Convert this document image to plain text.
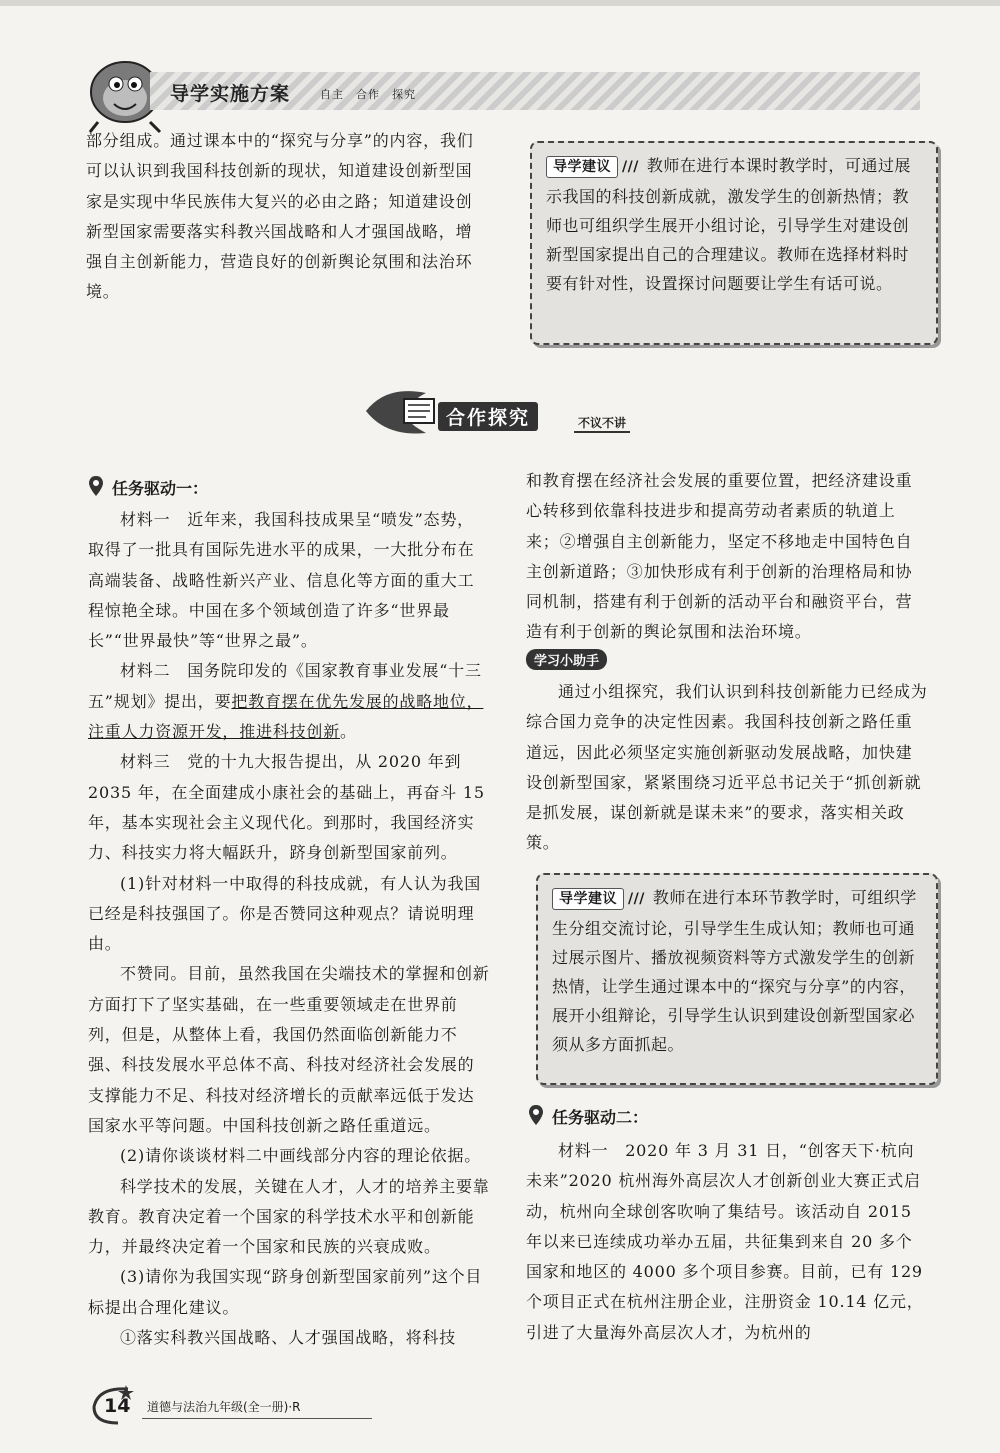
导学实施方案	自主　合作　探究

部分组成。通过课本中的“探究与分享”的内容，我们可以认识到我国科技创新的现状，知道建设创新型国家是实现中华民族伟大复兴的必由之路；知道建设创新型国家需要落实科教兴国战略和人才强国战略，增强自主创新能力，营造良好的创新舆论氛围和法治环境。

导学建议 /// 教师在进行本课时教学时，可通过展示我国的科技创新成就，激发学生的创新热情；教师也可组织学生展开小组讨论，引导学生对建设创新型国家提出自己的合理建议。教师在选择材料时要有针对性，设置探讨问题要让学生有话可说。
合作探究	不议不讲
任务驱动一：

材料一　近年来，我国科技成果呈“喷发”态势，取得了一批具有国际先进水平的成果，一大批分布在高端装备、战略性新兴产业、信息化等方面的重大工程惊艳全球。中国在多个领域创造了许多“世界最长”“世界最快”等“世界之最”。

材料二　国务院印发的《国家教育事业发展“十三五”规划》提出，要把教育摆在优先发展的战略地位，注重人力资源开发，推进科技创新。

材料三　党的十九大报告提出，从 2020 年到 2035 年，在全面建成小康社会的基础上，再奋斗 15 年，基本实现社会主义现代化。到那时，我国经济实力、科技实力将大幅跃升，跻身创新型国家前列。

(1)针对材料一中取得的科技成就，有人认为我国已经是科技强国了。你是否赞同这种观点？请说明理由。

不赞同。目前，虽然我国在尖端技术的掌握和创新方面打下了坚实基础，在一些重要领域走在世界前列，但是，从整体上看，我国仍然面临创新能力不强、科技发展水平总体不高、科技对经济社会发展的支撑能力不足、科技对经济增长的贡献率远低于发达国家水平等问题。中国科技创新之路任重道远。

(2)请你谈谈材料二中画线部分内容的理论依据。

科学技术的发展，关键在人才，人才的培养主要靠教育。教育决定着一个国家的科学技术水平和创新能力，并最终决定着一个国家和民族的兴衰成败。

(3)请你为我国实现“跻身创新型国家前列”这个目标提出合理化建议。

①落实科教兴国战略、人才强国战略，将科技

和教育摆在经济社会发展的重要位置，把经济建设重心转移到依靠科技进步和提高劳动者素质的轨道上来；②增强自主创新能力，坚定不移地走中国特色自主创新道路；③加快形成有利于创新的治理格局和协同机制，搭建有利于创新的活动平台和融资平台，营造有利于创新的舆论氛围和法治环境。

学习小助手

通过小组探究，我们认识到科技创新能力已经成为综合国力竞争的决定性因素。我国科技创新之路任重道远，因此必须坚定实施创新驱动发展战略，加快建设创新型国家，紧紧围绕习近平总书记关于“抓创新就是抓发展，谋创新就是谋未来”的要求，落实相关政策。

导学建议 /// 教师在进行本环节教学时，可组织学生分组交流讨论，引导学生生成认知；教师也可通过展示图片、播放视频资料等方式激发学生的创新热情，让学生通过课本中的“探究与分享”的内容，展开小组辩论，引导学生认识到建设创新型国家必须从多方面抓起。
任务驱动二：

材料一　2020 年 3 月 31 日，“创客天下·杭向未来”2020 杭州海外高层次人才创新创业大赛正式启动，杭州向全球创客吹响了集结号。该活动自 2015 年以来已连续成功举办五届，共征集到来自 20 多个国家和地区的 4000 多个项目参赛。目前，已有 129 个项目正式在杭州注册企业，注册资金 10.14 亿元，引进了大量海外高层次人才，为杭州的

14 道德与法治九年级(全一册)·R
